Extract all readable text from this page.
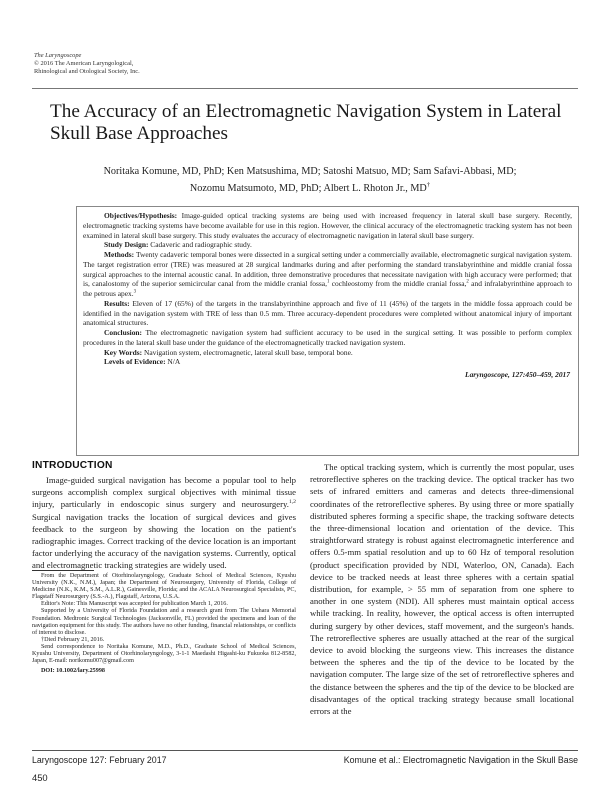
The Laryngoscope
© 2016 The American Laryngological,
Rhinological and Otological Society, Inc.
The Accuracy of an Electromagnetic Navigation System in Lateral
Skull Base Approaches
Noritaka Komune, MD, PhD; Ken Matsushima, MD; Satoshi Matsuo, MD; Sam Safavi-Abbasi, MD;
Nozomu Matsumoto, MD, PhD; Albert L. Rhoton Jr., MD†

Objectives/Hypothesis: Image-guided optical tracking systems are being used with increased frequency in lateral skull base surgery. Recently, electromagnetic tracking systems have become available for use in this region. However, the clinical accuracy of the electromagnetic tracking system has not been examined in lateral skull base surgery. This study evaluates the accuracy of electromagnetic navigation in lateral skull base surgery.

Study Design: Cadaveric and radiographic study.

Methods: Twenty cadaveric temporal bones were dissected in a surgical setting under a commercially available, electromagnetic surgical navigation system. The target registration error (TRE) was measured at 28 surgical landmarks during and after performing the standard translabyrinthine and middle cranial fossa surgical approaches to the internal acoustic canal. In addition, three demonstrative procedures that necessitate navigation with high accuracy were performed; that is, canalostomy of the superior semicircular canal from the middle cranial fossa,$^1$ cochleostomy from the middle cranial fossa,$^2$ and infralabyrinthine approach to the petrous apex.$^3$

Results: Eleven of 17 (65%) of the targets in the translabyrinthine approach and five of 11 (45%) of the targets in the middle fossa approach could be identified in the navigation system with TRE of less than 0.5 mm. Three accuracy-dependent procedures were completed without anatomical injury of important anatomical structures.

Conclusion: The electromagnetic navigation system had sufficient accuracy to be used in the surgical setting. It was possible to perform complex procedures in the lateral skull base under the guidance of the electromagnetically tracked navigation system.

Key Words: Navigation system, electromagnetic, lateral skull base, temporal bone.

Levels of Evidence: N/A

Laryngoscope, 127:450–459, 2017
INTRODUCTION

Image-guided surgical navigation has become a popular tool to help surgeons accomplish complex surgical objectives with minimal tissue injury, particularly in endoscopic sinus surgery and neurosurgery.$^{1,2}$ Surgical navigation tracks the location of surgical devices and gives feedback to the surgeon by showing the location on the patient's radiographic images. Correct tracking of the device location is an important factor underlying the accuracy of the navigation systems. Currently, optical and electromagnetic tracking strategies are widely used.

From the Department of Otorhinolaryngology, Graduate School of Medical Sciences, Kyushu University (N.K., N.M.), Japan; the Department of Neurosurgery, University of Florida, College of Medicine (N.K., K.M., S.M., A.L.R.), Gainesville, Florida; and the ACALA Neurosurgical Specialists, PC, Flagstaff Neurosurgery (S.S.-A.), Flagstaff, Arizona, U.S.A.

Editor's Note: This Manuscript was accepted for publication March 1, 2016.

Supported by a University of Florida Foundation and a research grant from The Uehara Memorial Foundation. Medtronic Surgical Technologies (Jacksonville, FL) provided the specimens and loan of the navigation equipment for this study. The authors have no other funding, financial relationships, or conflicts of interest to disclose.

†Died February 21, 2016.

Send correspondence to Noritaka Komune, M.D., Ph.D., Graduate School of Medical Sciences, Kyushu University, Department of Otorhinolaryngology, 3-1-1 Maedashi Higashi-ku Fukuoka 812-8582, Japan, E-mail: norikomu007@gmail.com

DOI: 10.1002/lary.25998

The optical tracking system, which is currently the most popular, uses retroreflective spheres on the tracking device. The optical tracker has two sets of infrared emitters and cameras and detects three-dimensional coordinates of the retroreflective spheres. By using three or more spatially distributed spheres forming a specific shape, the tracking software detects the three-dimensional location and orientation of the device. This straightforward strategy is robust against electromagnetic interference and offers 0.5-mm spatial resolution and up to 60 Hz of temporal resolution (product specification provided by NDI, Waterloo, ON, Canada). Each device to be tracked needs at least three spheres with a certain spatial distribution, for example, > 55 mm of separation from one sphere to another in one system (NDI). All spheres must maintain optical access while tracking. In reality, however, the optical access is often interrupted during surgery by other devices, staff movement, and the surgeon's hands. The retroreflective spheres are usually attached at the rear of the surgical device to avoid blocking the surgeons view. This increases the distance between the spheres and the tip of the device to be located by the navigation computer. The large size of the set of retroreflective spheres and the distance between the spheres and the tip of the device to be blocked are disadvantages of the optical tracking strategy because small locational errors at the

Laryngoscope 127: February 2017	Komune et al.: Electromagnetic Navigation in the Skull Base
450
